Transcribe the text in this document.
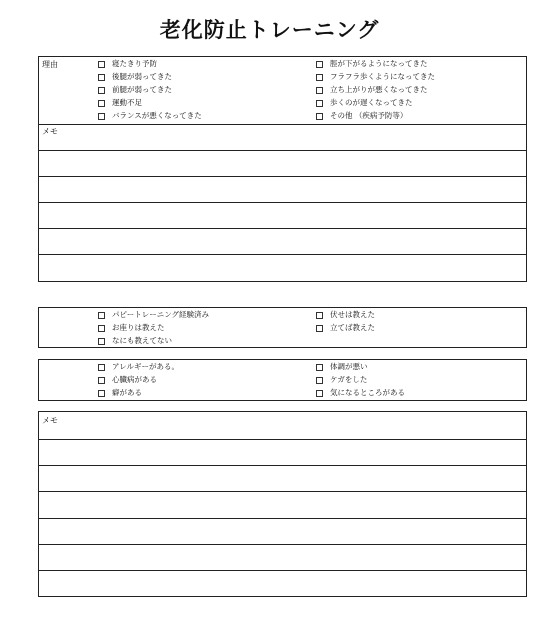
老化防止トレーニング
理由	寝たきり予防
後腿が弱ってきた
前腿が弱ってきた
運動不足
バランスが悪くなってきた
脛が下がるようになってきた
フラフラ歩くようになってきた
立ち上がりが悪くなってきた
歩くのが遅くなってきた
その他 （疾病予防等）
メモ
パピートレーニング経験済み
お座りは教えた
なにも教えてない
伏せは教えた
立てば教えた
アレルギーがある。
心臓病がある
癖がある
体調が悪い
ケガをした
気になるところがある
メモ
